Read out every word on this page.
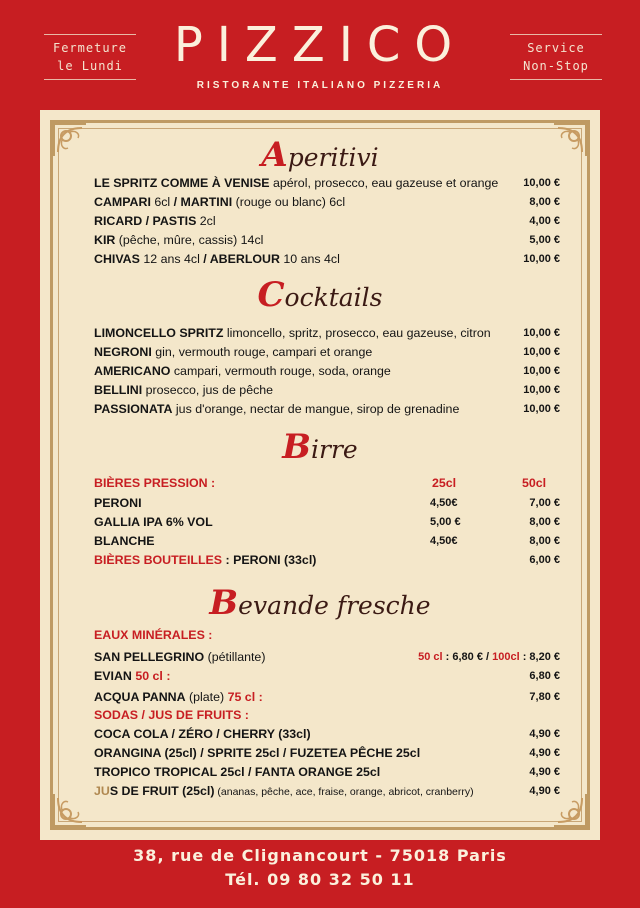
Fermeture
le Lundi	PIZZICO
RISTORANTE ITALIANO PIZZERIA
Service
Non-Stop
Aperitivi
LE SPRITZ COMME À VENISE apérol, prosecco, eau gazeuse et orange 10,00 €
CAMPARI 6cl / MARTINI (rouge ou blanc) 6cl	8,00 €
RICARD / PASTIS 2cl	4,00 €
KIR (pêche, mûre, cassis) 14cl	5,00 €
CHIVAS 12 ans 4cl / ABERLOUR 10 ans 4cl	10,00 €
Cocktails
LIMONCELLO SPRITZ limoncello, spritz, prosecco, eau gazeuse, citron	10,00 €
NEGRONI gin, vermouth rouge, campari et orange	10,00 €
AMERICANO campari, vermouth rouge, soda, orange	10,00 €
BELLINI prosecco, jus de pêche	10,00 €
PASSIONATA jus d'orange, nectar de mangue, sirop de grenadine	10,00 €
Birre
BIÈRES PRESSION :	25cl	50cl
PERONI	4,50€	7,00 €
GALLIA IPA 6% VOL	5,00 €	8,00 €
BLANCHE	4,50€	8,00 €
BIÈRES BOUTEILLES : PERONI (33cl)	6,00 €
Bevande fresche
EAUX MINÉRALES :
SAN PELLEGRINO (pétillante)	50 cl : 6,80 € / 100cl : 8,20 €
EVIAN 50 cl :	6,80 €
ACQUA PANNA (plate) 75 cl :	7,80 €
SODAS / JUS DE FRUITS :
COCA COLA / ZÉRO / CHERRY (33cl)	4,90 €
ORANGINA (25cl) / SPRITE 25cl / FUZETEA PÊCHE 25cl	4,90 €
TROPICO TROPICAL 25cl / FANTA ORANGE 25cl	4,90 €
JUS DE FRUIT (25cl) (ananas, pêche, ace, fraise, orange, abricot, cranberry)	4,90 €
38, rue de Clignancourt - 75018 Paris
Tél. 09 80 32 50 11
